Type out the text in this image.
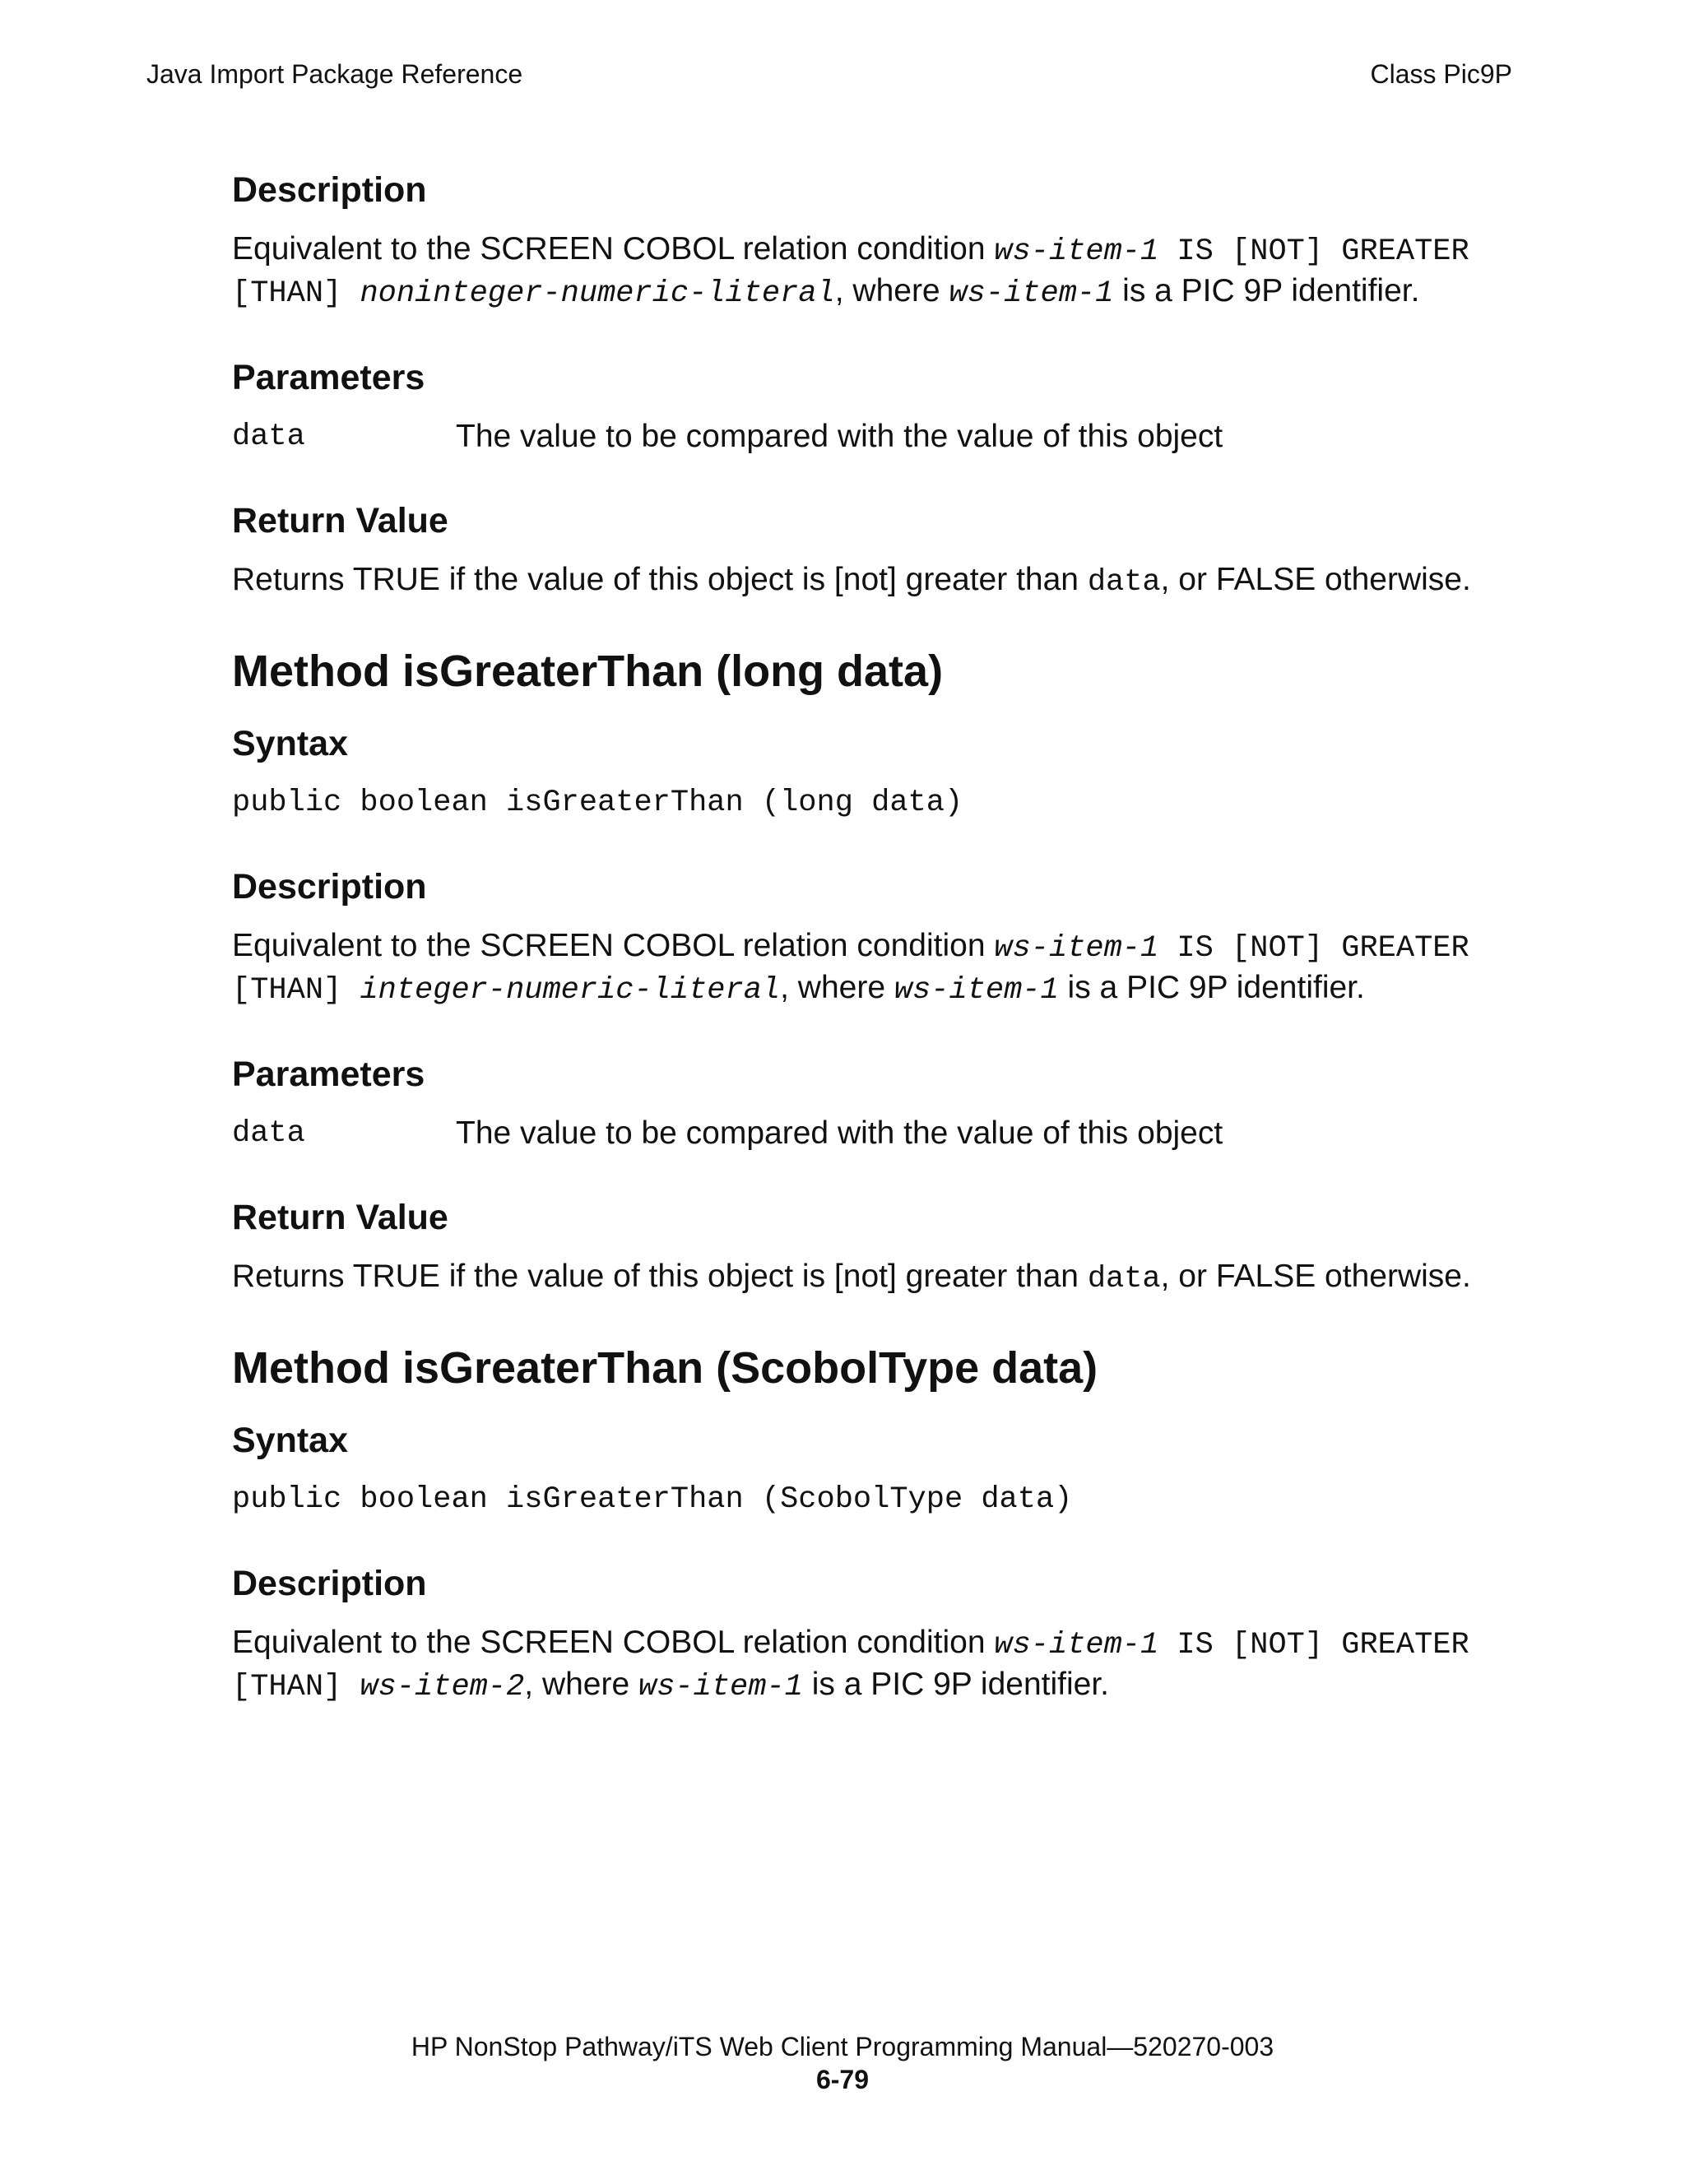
Java Import Package Reference	Class Pic9P
Description
Equivalent to the SCREEN COBOL relation condition ws-item-1 IS [NOT] GREATER [THAN] noninteger-numeric-literal, where ws-item-1 is a PIC 9P identifier.
Parameters
data	The value to be compared with the value of this object
Return Value
Returns TRUE if the value of this object is [not] greater than data, or FALSE otherwise.
Method isGreaterThan (long data)
Syntax
public boolean isGreaterThan (long data)
Description
Equivalent to the SCREEN COBOL relation condition ws-item-1 IS [NOT] GREATER [THAN] integer-numeric-literal, where ws-item-1 is a PIC 9P identifier.
Parameters
data	The value to be compared with the value of this object
Return Value
Returns TRUE if the value of this object is [not] greater than data, or FALSE otherwise.
Method isGreaterThan (ScobolType data)
Syntax
public boolean isGreaterThan (ScobolType data)
Description
Equivalent to the SCREEN COBOL relation condition ws-item-1 IS [NOT] GREATER [THAN] ws-item-2, where ws-item-1 is a PIC 9P identifier.
HP NonStop Pathway/iTS Web Client Programming Manual—520270-003
6-79
